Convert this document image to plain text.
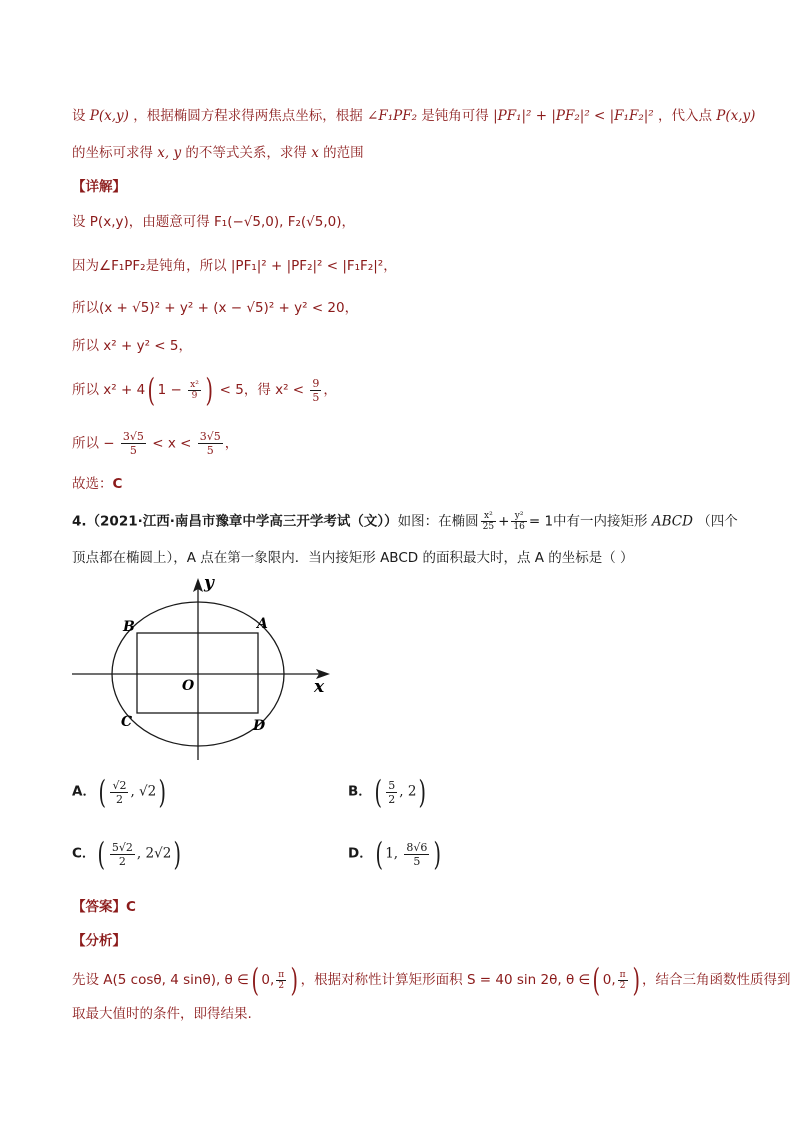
设 P(x,y) ，根据椭圆方程求得两焦点坐标，根据 ∠F₁PF₂ 是钝角可得 |PF₁|² + |PF₂|² < |F₁F₂|² ，代入点 P(x,y)
的坐标可求得 x, y 的不等式关系，求得 x 的范围
【详解】
设 P(x,y)，由题意可得 F₁(−√5,0), F₂(√5,0)，
因为∠F₁PF₂是钝角，所以 |PF₁|² + |PF₂|² < |F₁F₂|²，
所以(x + √5)² + y² + (x − √5)² + y² < 20，
所以 x² + y² < 5，
所以 x² + 4( $1 - \frac{\text{x²}}{9}$ ) < 5，得 $x^2 < \frac{9}{5}$ ，
所以 − $\frac{3√5}{5} < x < \frac{3√5}{5}$ ，
故选：C
4.（2021·江西·南昌市豫章中学高三开学考试（文））如图：在椭圆 $\frac{\text{x²}}{25} + \frac{\text{y²}}{16} = 1$中有一内接矩形 ABCD （四个
顶点都在椭圆上），A 点在第一象限内．当内接矩形 ABCD 的面积最大时，点 A 的坐标是（ ）
y
x
O
A
B
C	D
A．( $\frac{√2}{2}$ , √2)	B．( $\frac{5}{2}$ , 2)
C．( $\frac{5√2}{2}$ , 2√2)	D．( 1, $\frac{8√6}{5}$ )
【答案】C
【分析】
先设 A(5 cosθ, 4 sinθ), θ ∈( 0, $\frac{\pi}{2}$ ) ，根据对称性计算矩形面积 S = 40 sin 2θ, θ ∈( 0, $\frac{\pi}{2}$ ) ，结合三角函数性质得到
取最大值时的条件，即得结果.
